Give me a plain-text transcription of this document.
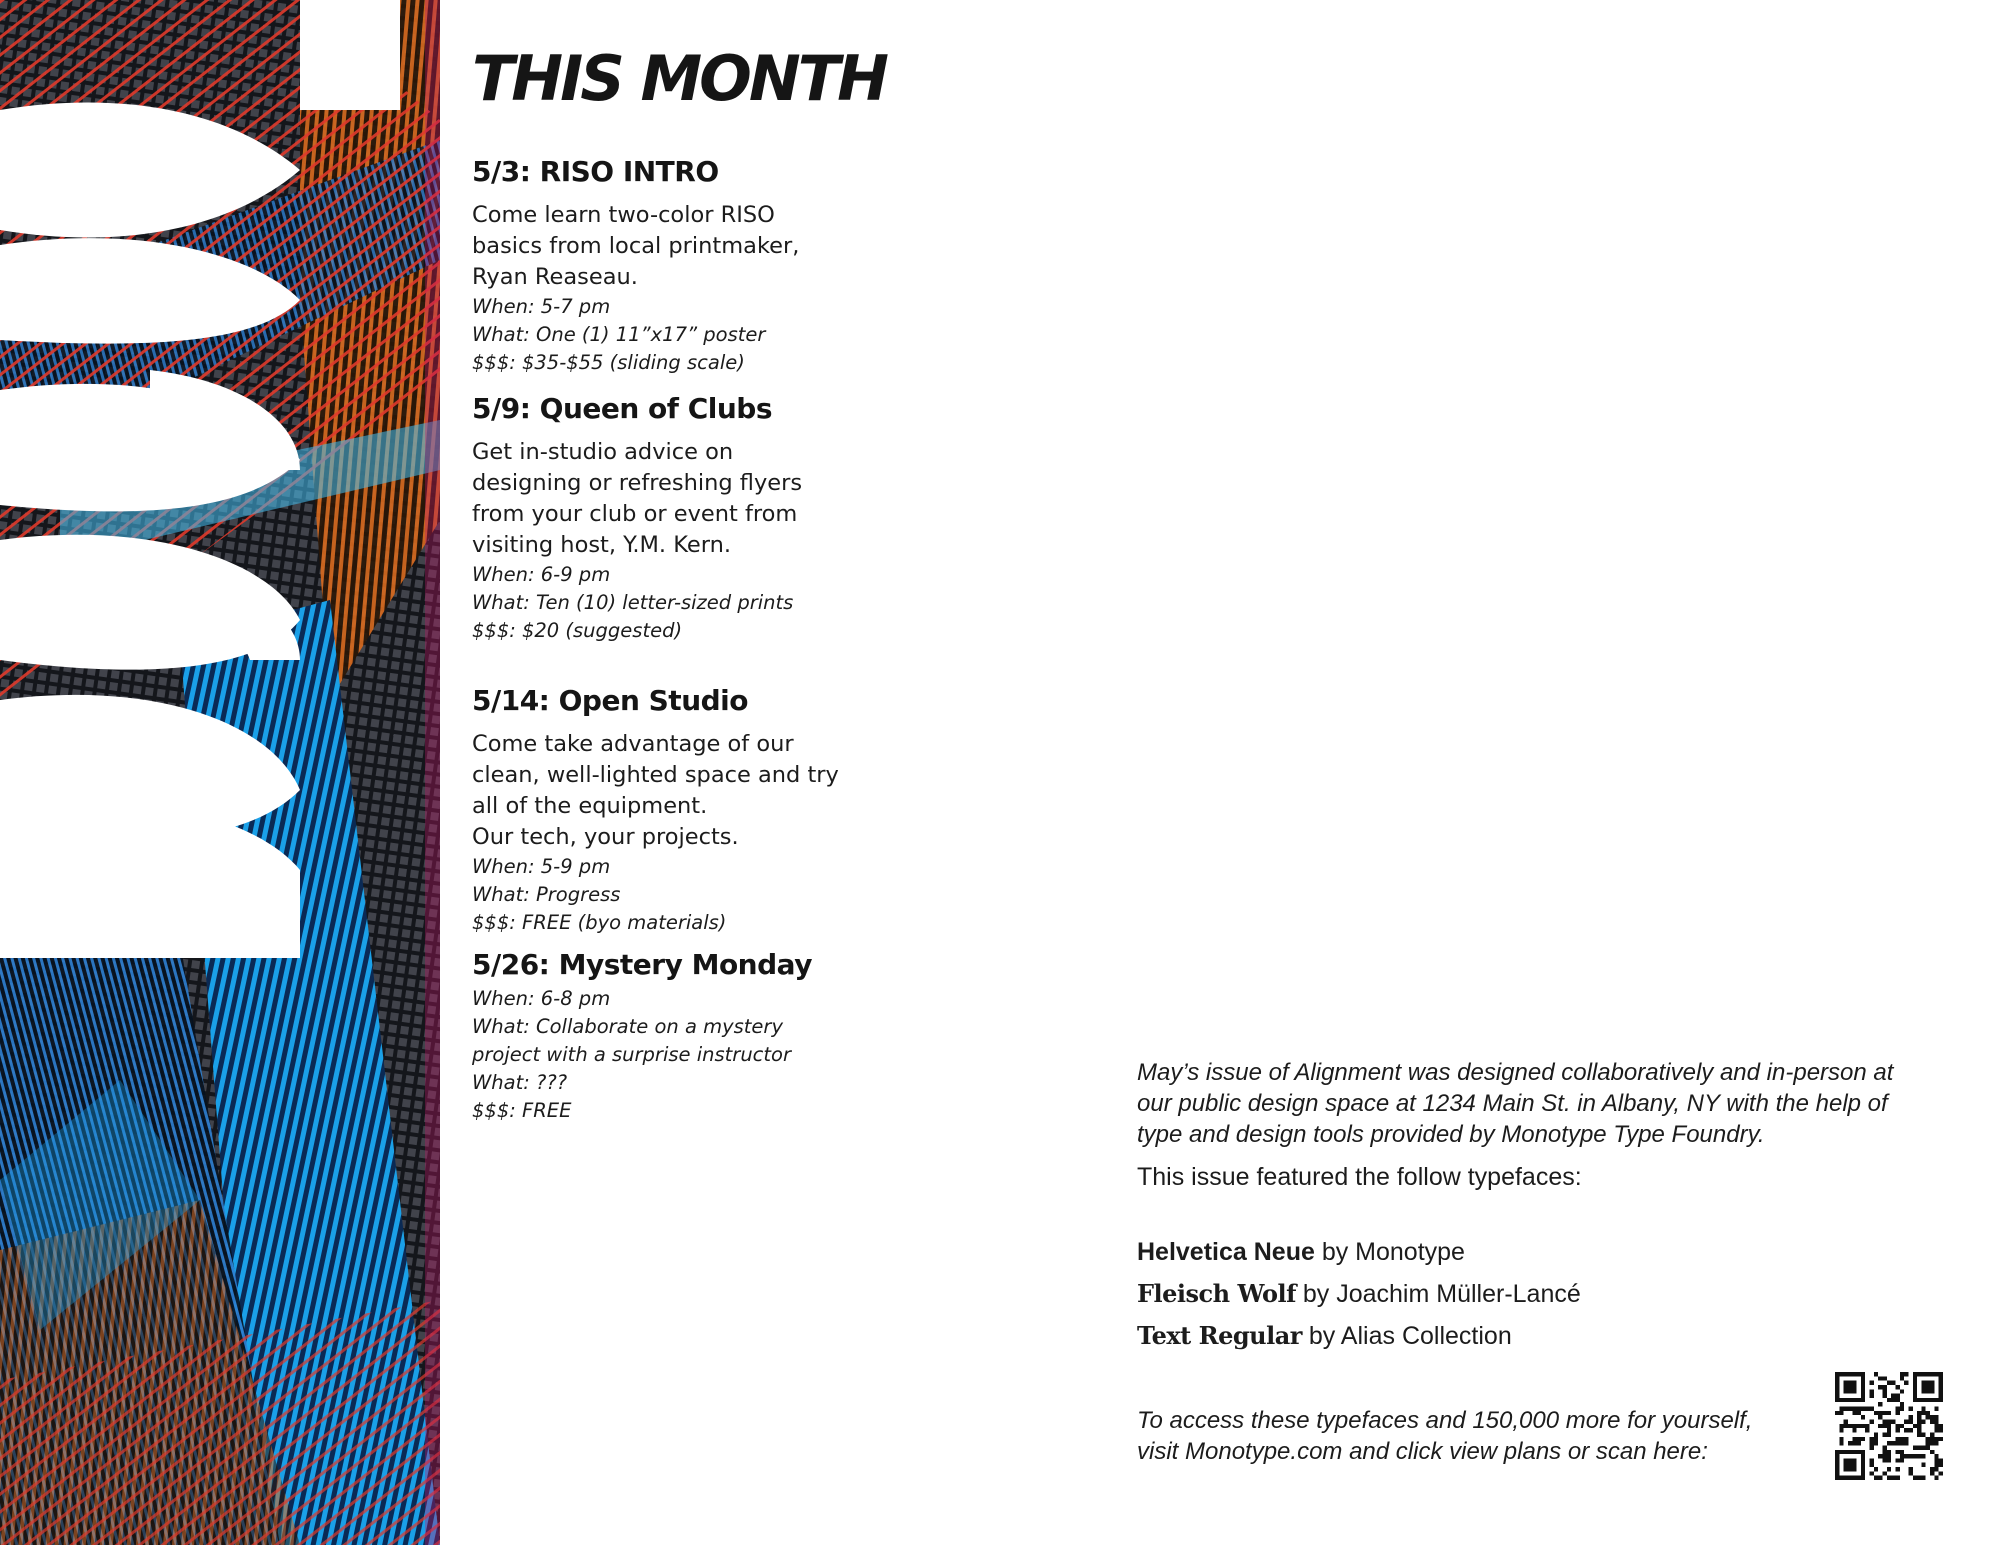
THIS MONTH
5/3: RISO INTRO

Come learn two-color RISO
basics from local printmaker,
Ryan Reaseau.

When: 5-7 pm

What: One (1) 11”x17” poster

$$$: $35-$55 (sliding scale)

5/9: Queen of Clubs

Get in-studio advice on
designing or refreshing flyers
from your club or event from
visiting host, Y.M. Kern.

When: 6-9 pm

What: Ten (10) letter-sized prints

$$$: $20 (suggested)

5/14: Open Studio

Come take advantage of our
clean, well-lighted space and try
all of the equipment.
Our tech, your projects.

When: 5-9 pm

What: Progress

$$$: FREE (byo materials)

5/26: Mystery Monday

When: 6-8 pm

What: Collaborate on a mystery
project with a surprise instructor

What: ???

$$$: FREE

May’s issue of Alignment was designed collaboratively and in-person at
our public design space at 1234 Main St. in Albany, NY with the help of
type and design tools provided by Monotype Type Foundry.

This issue featured the follow typefaces:

Helvetica Neue by Monotype
Fleisch Wolf by Joachim Müller-Lancé
Text Regular by Alias Collection

To access these typefaces and 150,000 more for yourself,
visit Monotype.com and click view plans or scan here:
